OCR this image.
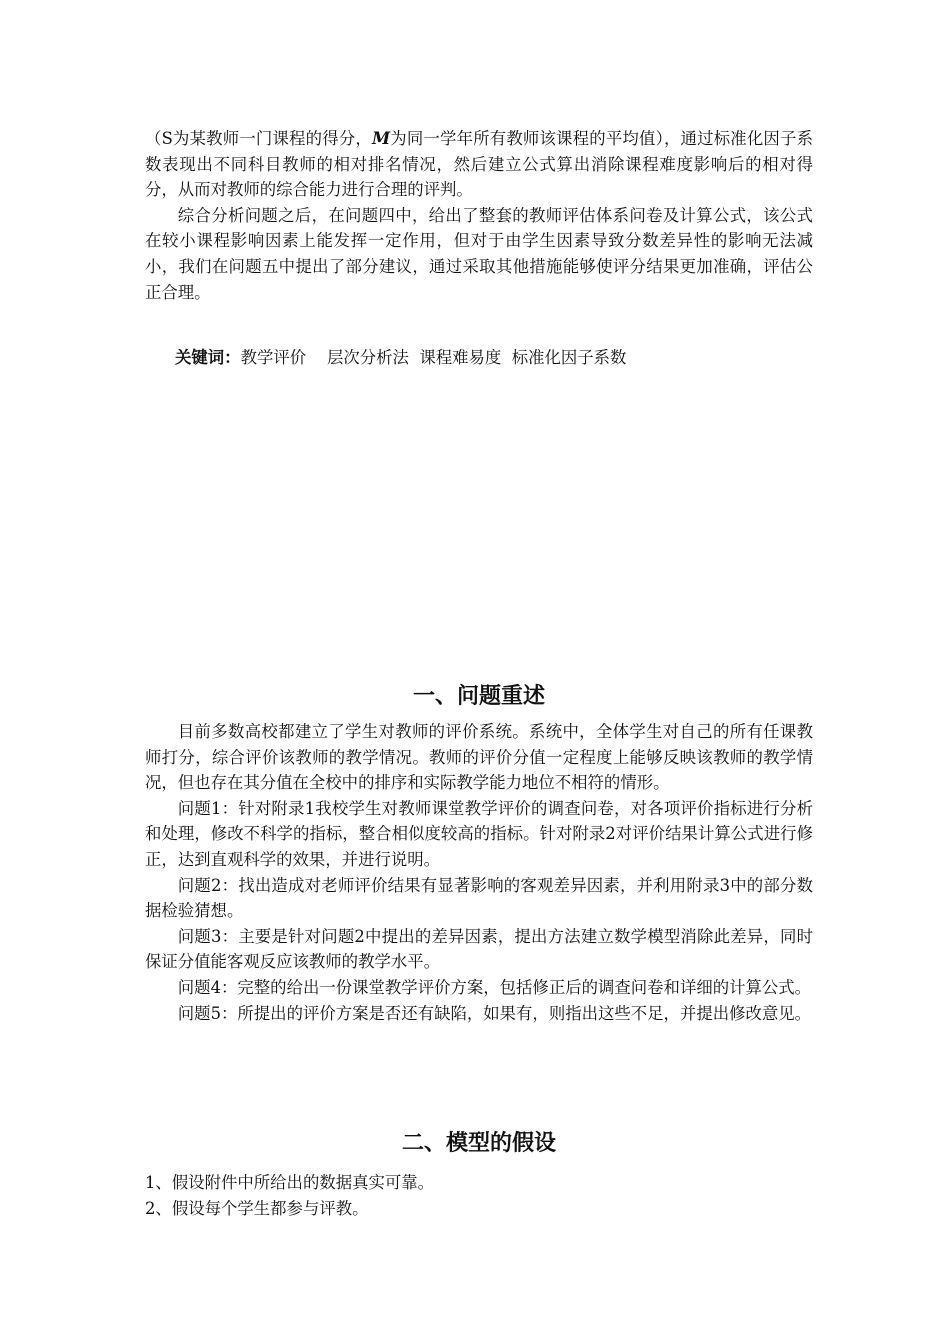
（S为某教师一门课程的得分，M为同一学年所有教师该课程的平均值），通过标准化因子系数表现出不同科目教师的相对排名情况，然后建立公式算出消除课程难度影响后的相对得分，从而对教师的综合能力进行合理的评判。

综合分析问题之后，在问题四中，给出了整套的教师评估体系问卷及计算公式，该公式在较小课程影响因素上能发挥一定作用，但对于由学生因素导致分数差异性的影响无法减小，我们在问题五中提出了部分建议，通过采取其他措施能够使评分结果更加准确，评估公正合理。

关键词：教学评价    层次分析法  课程难易度  标准化因子系数
一、问题重述

目前多数高校都建立了学生对教师的评价系统。系统中，全体学生对自己的所有任课教师打分，综合评价该教师的教学情况。教师的评价分值一定程度上能够反映该教师的教学情况，但也存在其分值在全校中的排序和实际教学能力地位不相符的情形。

问题1：针对附录1我校学生对教师课堂教学评价的调查问卷，对各项评价指标进行分析和处理，修改不科学的指标，整合相似度较高的指标。针对附录2对评价结果计算公式进行修正，达到直观科学的效果，并进行说明。

问题2：找出造成对老师评价结果有显著影响的客观差异因素，并利用附录3中的部分数据检验猜想。

问题3：主要是针对问题2中提出的差异因素，提出方法建立数学模型消除此差异，同时保证分值能客观反应该教师的教学水平。

问题4：完整的给出一份课堂教学评价方案，包括修正后的调查问卷和详细的计算公式。

问题5：所提出的评价方案是否还有缺陷，如果有，则指出这些不足，并提出修改意见。

二、模型的假设

1、假设附件中所给出的数据真实可靠。

2、假设每个学生都参与评教。
